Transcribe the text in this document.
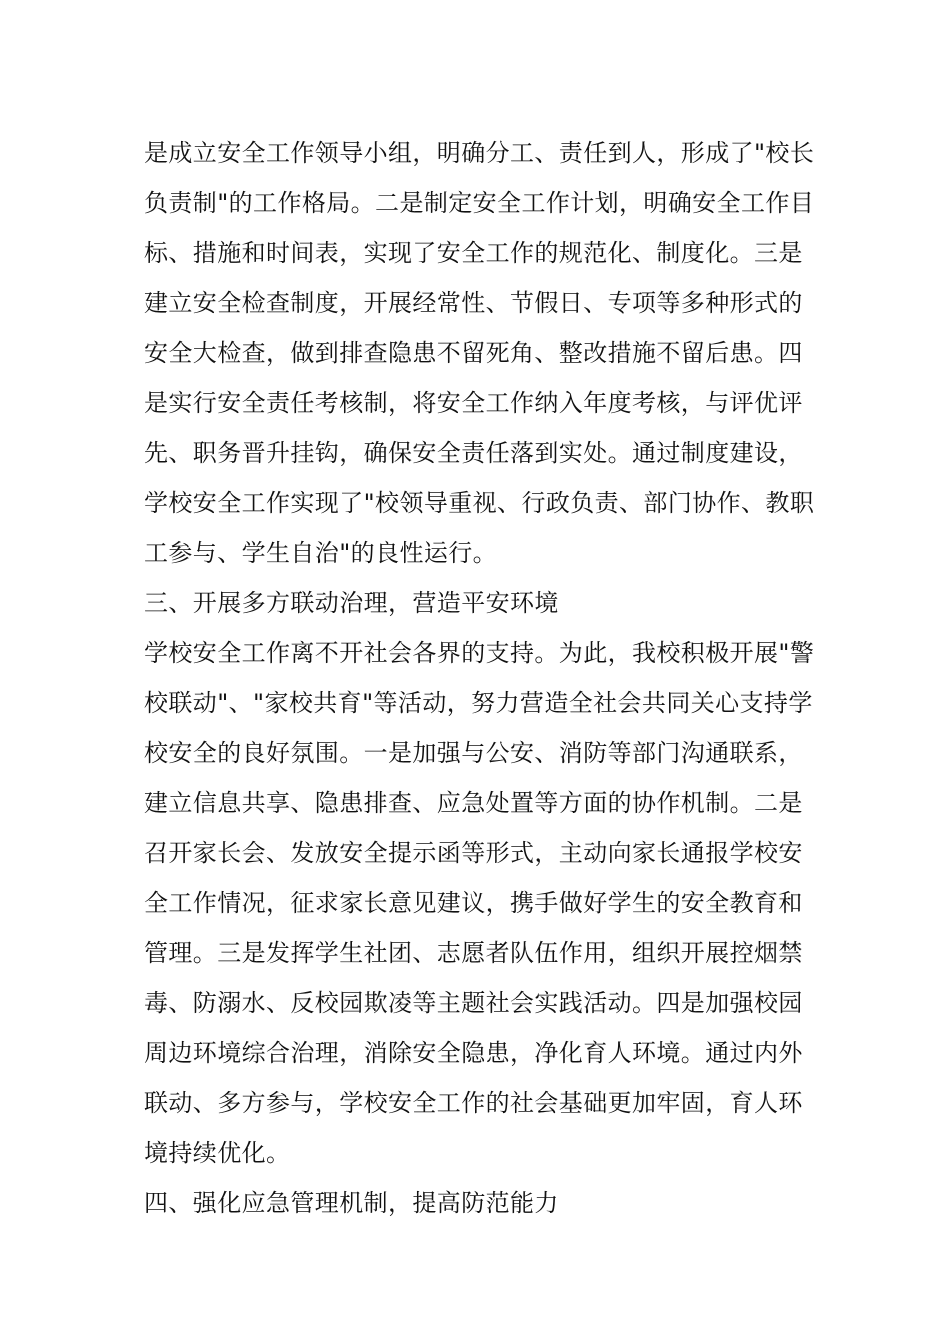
是成立安全工作领导小组，明确分工、责任到人，形成了"校长
负责制"的工作格局。二是制定安全工作计划，明确安全工作目
标、措施和时间表，实现了安全工作的规范化、制度化。三是
建立安全检查制度，开展经常性、节假日、专项等多种形式的
安全大检查，做到排查隐患不留死角、整改措施不留后患。四
是实行安全责任考核制，将安全工作纳入年度考核，与评优评
先、职务晋升挂钩，确保安全责任落到实处。通过制度建设，
学校安全工作实现了"校领导重视、行政负责、部门协作、教职
工参与、学生自治"的良性运行。
三、开展多方联动治理，营造平安环境
学校安全工作离不开社会各界的支持。为此，我校积极开展"警
校联动"、"家校共育"等活动，努力营造全社会共同关心支持学
校安全的良好氛围。一是加强与公安、消防等部门沟通联系，
建立信息共享、隐患排查、应急处置等方面的协作机制。二是
召开家长会、发放安全提示函等形式，主动向家长通报学校安
全工作情况，征求家长意见建议，携手做好学生的安全教育和
管理。三是发挥学生社团、志愿者队伍作用，组织开展控烟禁
毒、防溺水、反校园欺凌等主题社会实践活动。四是加强校园
周边环境综合治理，消除安全隐患，净化育人环境。通过内外
联动、多方参与，学校安全工作的社会基础更加牢固，育人环
境持续优化。
四、强化应急管理机制，提高防范能力
